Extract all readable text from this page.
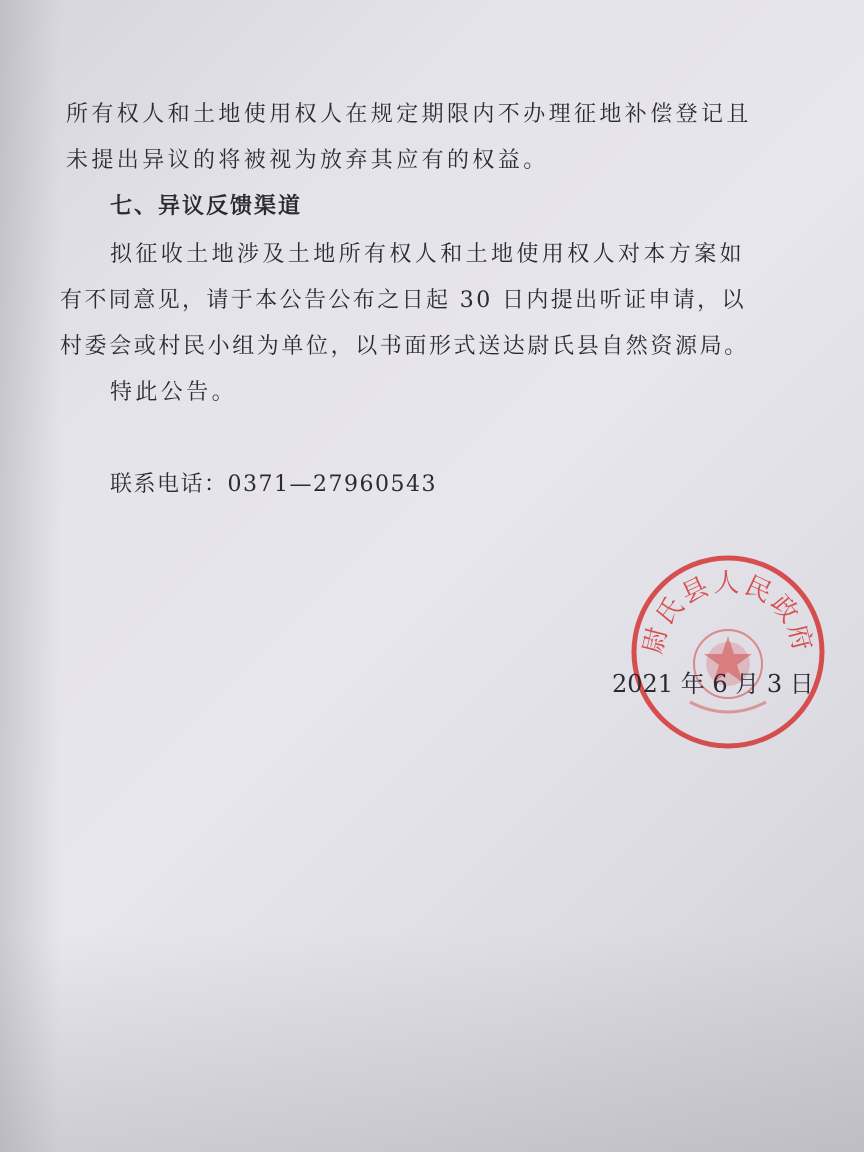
所有权人和土地使用权人在规定期限内不办理征地补偿登记且
未提出异议的将被视为放弃其应有的权益。
七、异议反馈渠道
拟征收土地涉及土地所有权人和土地使用权人对本方案如
有不同意见，请于本公告公布之日起 30 日内提出听证申请，以
村委会或村民小组为单位，以书面形式送达尉氏县自然资源局。
特此公告。
联系电话：0371—27960543
尉氏县人民政府
2021 年 6 月 3 日
